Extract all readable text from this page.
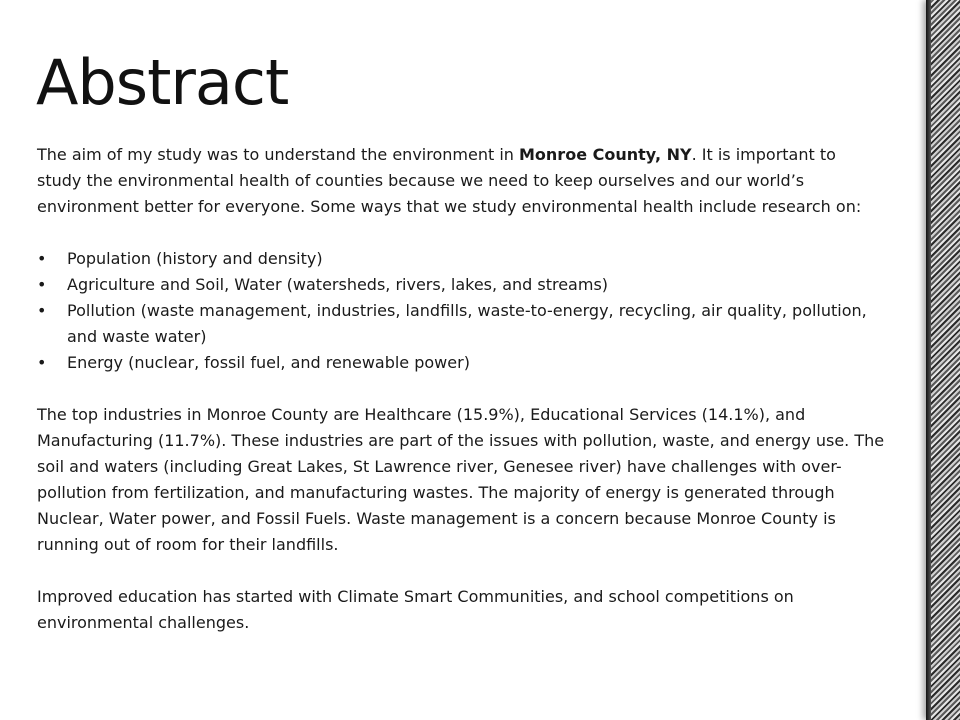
Abstract

The aim of my study was to understand the environment in Monroe County, NY. It is important to study the environmental health of counties because we need to keep ourselves and our world’s environment better for everyone. Some ways that we study environmental health include research on:

• Population (history and density)
• Agriculture and Soil, Water (watersheds, rivers, lakes, and streams)
• Pollution (waste management, industries, landfills, waste-to-energy, recycling, air quality, pollution, and waste water)
• Energy (nuclear, fossil fuel, and renewable power)

The top industries in Monroe County are Healthcare (15.9%), Educational Services (14.1%), and Manufacturing (11.7%). These industries are part of the issues with pollution, waste, and energy use. The soil and waters (including Great Lakes, St Lawrence river, Genesee river) have challenges with over-pollution from fertilization, and manufacturing wastes. The majority of energy is generated through Nuclear, Water power, and Fossil Fuels. Waste management is a concern because Monroe County is running out of room for their landfills.

Improved education has started with Climate Smart Communities, and school competitions on environmental challenges.
